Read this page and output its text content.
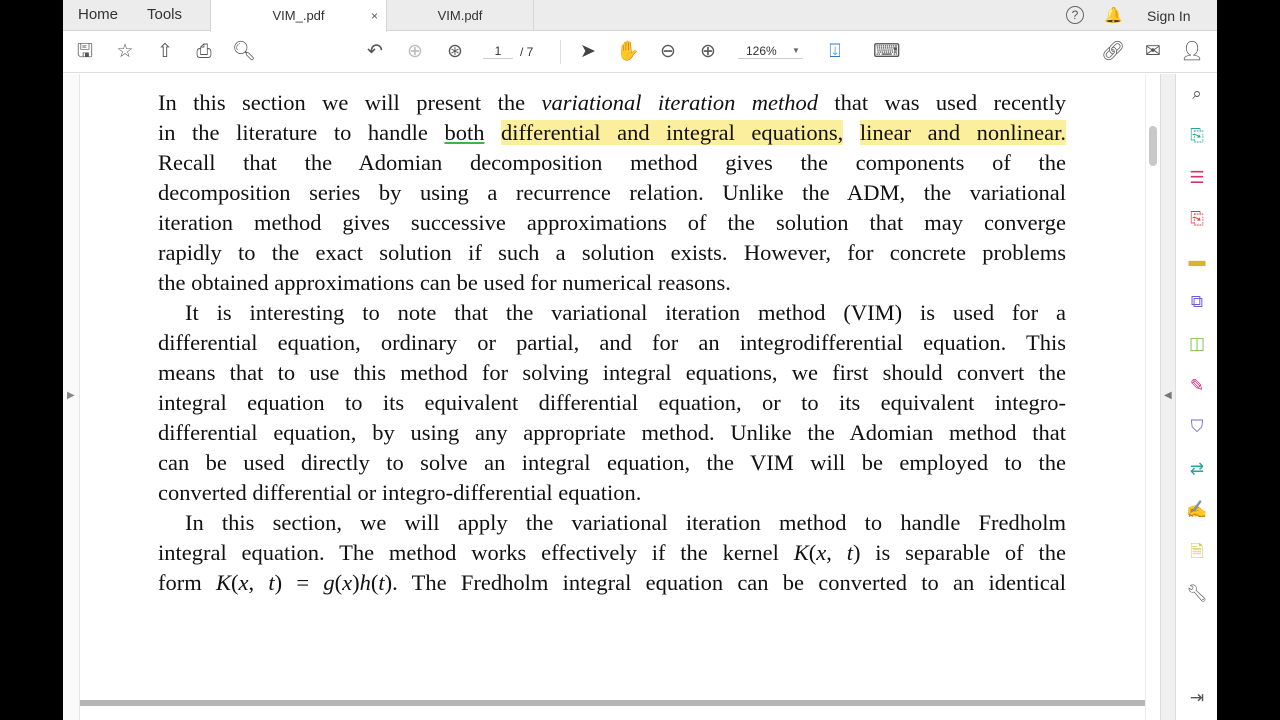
Home Tools	VIM_.pdf	×	VIM.pdf	?	🔔 Sign In
🖫 ☆ ⇧ ⎙ 🔍︎	↶ ⊕ ⊛	1	/ 7 ➤ ✋ ⊖ ⊕	126%	▼	⍗	⌨	🔗︎ ✉ 👤︎
▶
In this section we will present the variational iteration method that was used recently
in the literature to handle both differential and integral equations, linear and nonlinear.
Recall that the Adomian decomposition method gives the components of the
decomposition series by using a recurrence relation. Unlike the ADM, the variational
iteration method gives successive approximations of the solution that may converge
rapidly to the exact solution if such a solution exists. However, for concrete problems
the obtained approximations can be used for numerical reasons.
It is interesting to note that the variational iteration method (VIM) is used for a
differential equation, ordinary or partial, and for an integrodifferential equation. This
means that to use this method for solving integral equations, we first should convert the
integral equation to its equivalent differential equation, or to its equivalent integro-
differential equation, by using any appropriate method. Unlike the Adomian method that
can be used directly to solve an integral equation, the VIM will be employed to the
converted differential or integro-differential equation.
In this section, we will apply the variational iteration method to handle Fredholm
integral equation. The method works effectively if the kernel K(x, t) is separable of the
form K(x, t) = g(x)h(t). The Fredholm integral equation can be converted to an identical
◀
⌕
⎘
☰
⎘
▬
⧉
◫
✎
⛉
⇄
✍
🗎︎
🔧︎
⇥
